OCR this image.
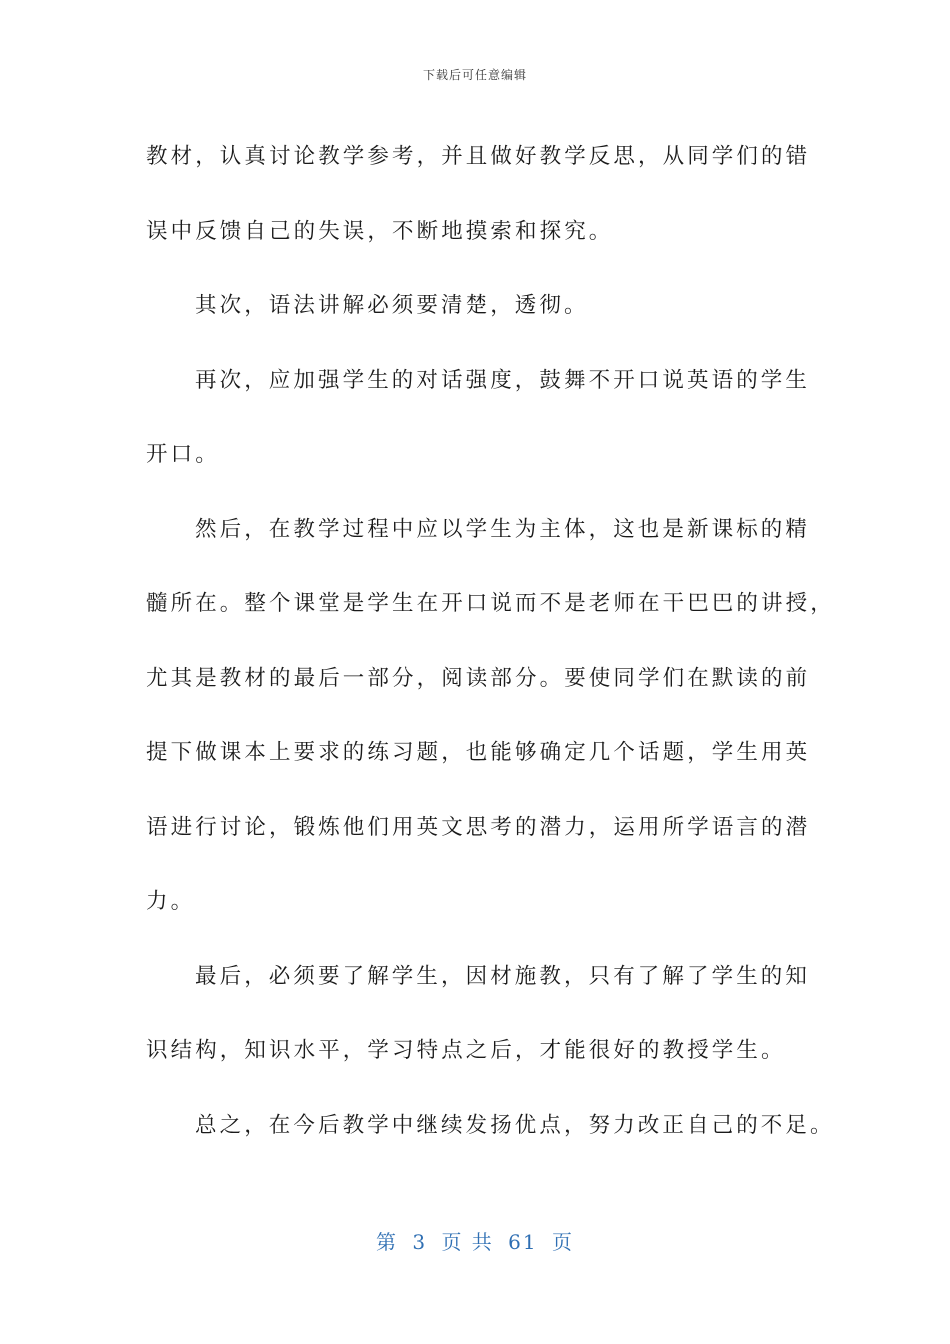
下载后可任意编辑

教材，认真讨论教学参考，并且做好教学反思，从同学们的错
误中反馈自己的失误，不断地摸索和探究。

其次，语法讲解必须要清楚，透彻。

再次，应加强学生的对话强度，鼓舞不开口说英语的学生
开口。

然后，在教学过程中应以学生为主体，这也是新课标的精
髓所在。整个课堂是学生在开口说而不是老师在干巴巴的讲授，
尤其是教材的最后一部分，阅读部分。要使同学们在默读的前
提下做课本上要求的练习题，也能够确定几个话题，学生用英
语进行讨论，锻炼他们用英文思考的潜力，运用所学语言的潜
力。

最后，必须要了解学生，因材施教，只有了解了学生的知
识结构，知识水平，学习特点之后，才能很好的教授学生。

总之，在今后教学中继续发扬优点，努力改正自己的不足。

第 3 页 共 61 页
